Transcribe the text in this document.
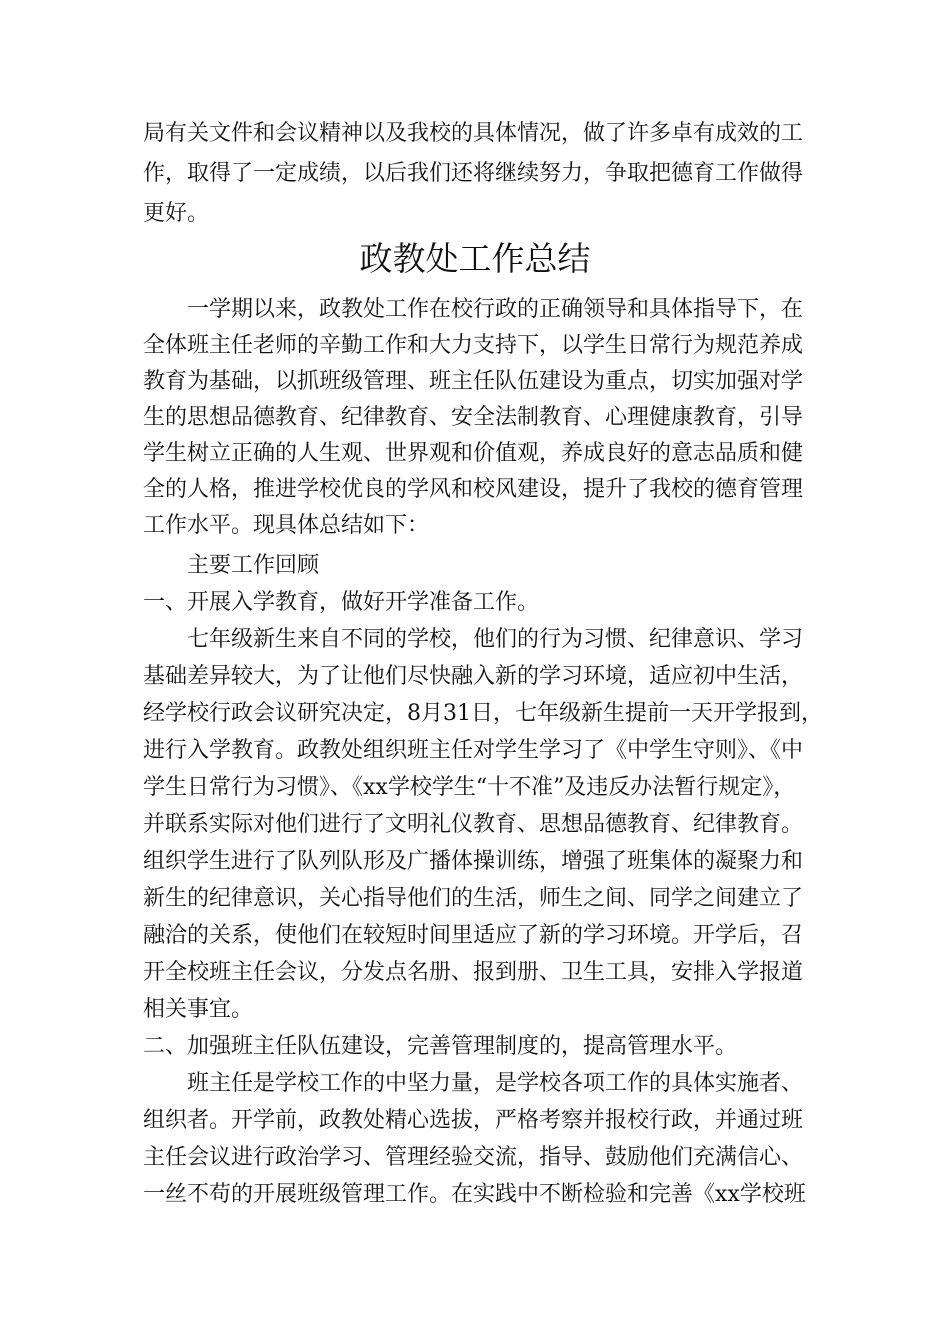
局有关文件和会议精神以及我校的具体情况，做了许多卓有成效的工
作，取得了一定成绩，以后我们还将继续努力，争取把德育工作做得
更好。
政教处工作总结
　　一学期以来，政教处工作在校行政的正确领导和具体指导下，在
全体班主任老师的辛勤工作和大力支持下，以学生日常行为规范养成
教育为基础，以抓班级管理、班主任队伍建设为重点，切实加强对学
生的思想品德教育、纪律教育、安全法制教育、心理健康教育，引导
学生树立正确的人生观、世界观和价值观，养成良好的意志品质和健
全的人格，推进学校优良的学风和校风建设，提升了我校的德育管理
工作水平。现具体总结如下：
　　主要工作回顾
一、开展入学教育，做好开学准备工作。
　　七年级新生来自不同的学校，他们的行为习惯、纪律意识、学习
基础差异较大，为了让他们尽快融入新的学习环境，适应初中生活，
经学校行政会议研究决定，8月31日，七年级新生提前一天开学报到，
进行入学教育。政教处组织班主任对学生学习了《中学生守则》、《中
学生日常行为习惯》、《xx学校学生“十不准”及违反办法暂行规定》，
并联系实际对他们进行了文明礼仪教育、思想品德教育、纪律教育。
组织学生进行了队列队形及广播体操训练，增强了班集体的凝聚力和
新生的纪律意识，关心指导他们的生活，师生之间、同学之间建立了
融洽的关系，使他们在较短时间里适应了新的学习环境。开学后，召
开全校班主任会议，分发点名册、报到册、卫生工具，安排入学报道
相关事宜。
二、加强班主任队伍建设，完善管理制度的，提高管理水平。
　　班主任是学校工作的中坚力量，是学校各项工作的具体实施者、
组织者。开学前，政教处精心选拔，严格考察并报校行政，并通过班
主任会议进行政治学习、管理经验交流，指导、鼓励他们充满信心、
一丝不苟的开展班级管理工作。在实践中不断检验和完善《xx学校班
